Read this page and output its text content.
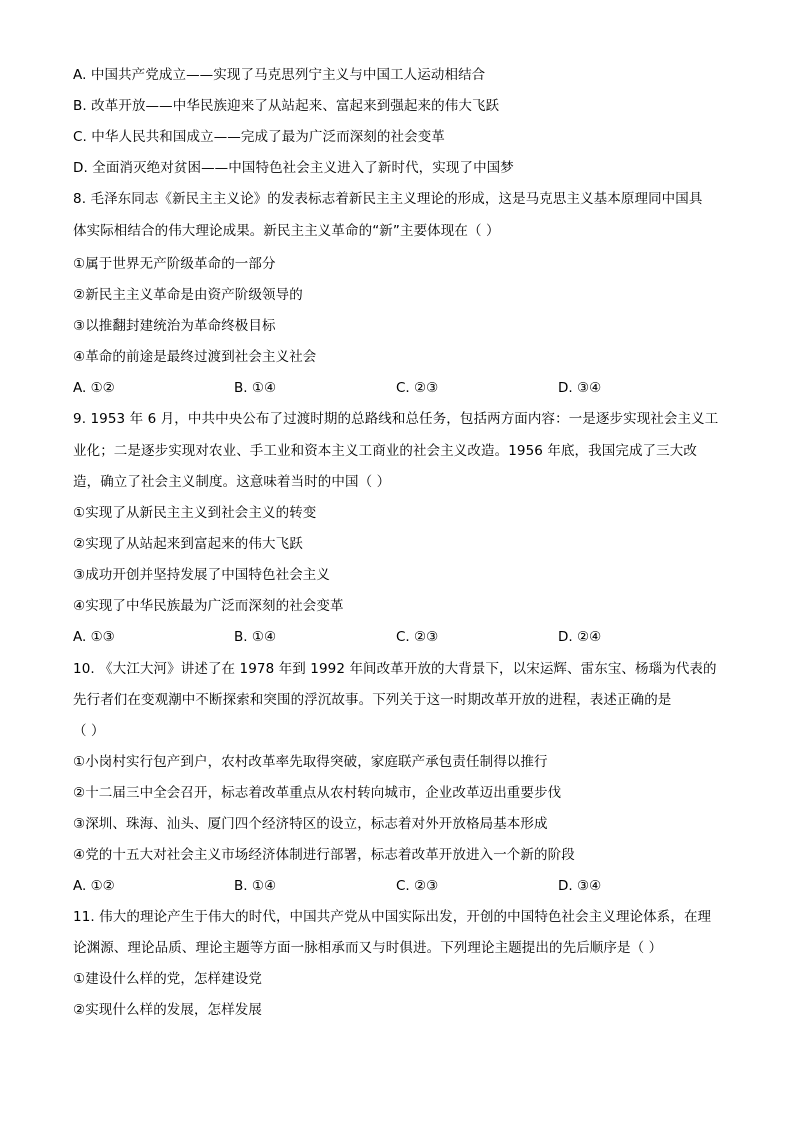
A. 中国共产党成立——实现了马克思列宁主义与中国工人运动相结合
B. 改革开放——中华民族迎来了从站起来、富起来到强起来的伟大飞跃
C. 中华人民共和国成立——完成了最为广泛而深刻的社会变革
D. 全面消灭绝对贫困——中国特色社会主义进入了新时代，实现了中国梦
8. 毛泽东同志《新民主主义论》的发表标志着新民主主义理论的形成，这是马克思主义基本原理同中国具
体实际相结合的伟大理论成果。新民主主义革命的“新”主要体现在（ ）
①属于世界无产阶级革命的一部分
②新民主主义革命是由资产阶级领导的
③以推翻封建统治为革命终极目标
④革命的前途是最终过渡到社会主义社会
A. ①②	B. ①④	C. ②③	D. ③④
9. 1953 年 6 月，中共中央公布了过渡时期的总路线和总任务，包括两方面内容：一是逐步实现社会主义工
业化；二是逐步实现对农业、手工业和资本主义工商业的社会主义改造。1956 年底，我国完成了三大改
造，确立了社会主义制度。这意味着当时的中国（ ）
①实现了从新民主主义到社会主义的转变
②实现了从站起来到富起来的伟大飞跃
③成功开创并坚持发展了中国特色社会主义
④实现了中华民族最为广泛而深刻的社会变革
A. ①③	B. ①④	C. ②③	D. ②④
10. 《大江大河》讲述了在 1978 年到 1992 年间改革开放的大背景下，以宋运辉、雷东宝、杨瑙为代表的
先行者们在变观潮中不断探索和突围的浮沉故事。下列关于这一时期改革开放的进程，表述正确的是
（ ）
①小岗村实行包产到户，农村改革率先取得突破，家庭联产承包责任制得以推行
②十二届三中全会召开，标志着改革重点从农村转向城市，企业改革迈出重要步伐
③深圳、珠海、汕头、厦门四个经济特区的设立，标志着对外开放格局基本形成
④党的十五大对社会主义市场经济体制进行部署，标志着改革开放进入一个新的阶段
A. ①②	B. ①④	C. ②③	D. ③④
11. 伟大的理论产生于伟大的时代，中国共产党从中国实际出发，开创的中国特色社会主义理论体系，在理
论渊源、理论品质、理论主题等方面一脉相承而又与时俱进。下列理论主题提出的先后顺序是（ ）
①建设什么样的党，怎样建设党
②实现什么样的发展，怎样发展
